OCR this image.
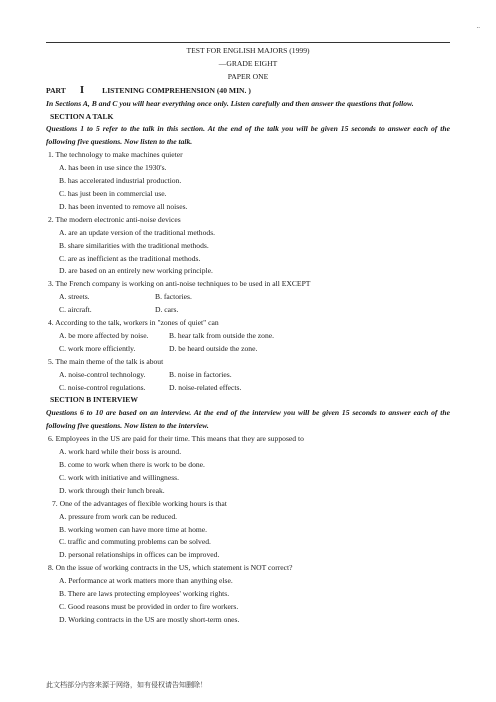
..
TEST FOR ENGLISH MAJORS (1999)
—GRADE EIGHT
PAPER ONE
PART I LISTENING COMPREHENSION (40 MIN. )
In Sections A, B and C you will hear everything once only. Listen carefully and then answer the questions that follow.
SECTION A TALK
Questions 1 to 5 refer to the talk in this section. At the end of the talk you will be given 15 seconds to answer each of the following five questions. Now listen to the talk.
1. The technology to make machines quieter
A. has been in use since the 1930's.
B. has accelerated industrial production.
C. has just been in commercial use.
D. has been invented to remove all noises.
2. The modern electronic anti-noise devices
A. are an update version of the traditional methods.
B. share similarities with the traditional methods.
C. are as inefficient as the traditional methods.
D. are based on an entirely new working principle.
3. The French company is working on anti-noise techniques to be used in all EXCEPT
A. streets.	B. factories.
C. aircraft.	D. cars.
4. According to the talk, workers in "zones of quiet" can
A. be more affected by noise.	B. hear talk from outside the zone.
C. work more efficiently.	D. be heard outside the zone.
5. The main theme of the talk is about
A. noise-control technology.	B. noise in factories.
C. noise-control regulations.	D. noise-related effects.
SECTION B INTERVIEW
Questions 6 to 10 are based on an interview. At the end of the interview you will be given 15 seconds to answer each of the following five questions. Now listen to the interview.
6. Employees in the US are paid for their time. This means that they are supposed to
A. work hard while their boss is around.
B. come to work when there is work to be done.
C. work with initiative and willingness.
D. work through their lunch break.
7. One of the advantages of flexible working hours is that
A. pressure from work can be reduced.
B. working women can have more time at home.
C. traffic and commuting problems can be solved.
D. personal relationships in offices can be improved.
8. On the issue of working contracts in the US, which statement is NOT correct?
A. Performance at work matters more than anything else.
B. There are laws protecting employees' working rights.
C. Good reasons must be provided in order to fire workers.
D. Working contracts in the US are mostly short-term ones.
此文档部分内容来源于网络，如有侵权请告知删除！
